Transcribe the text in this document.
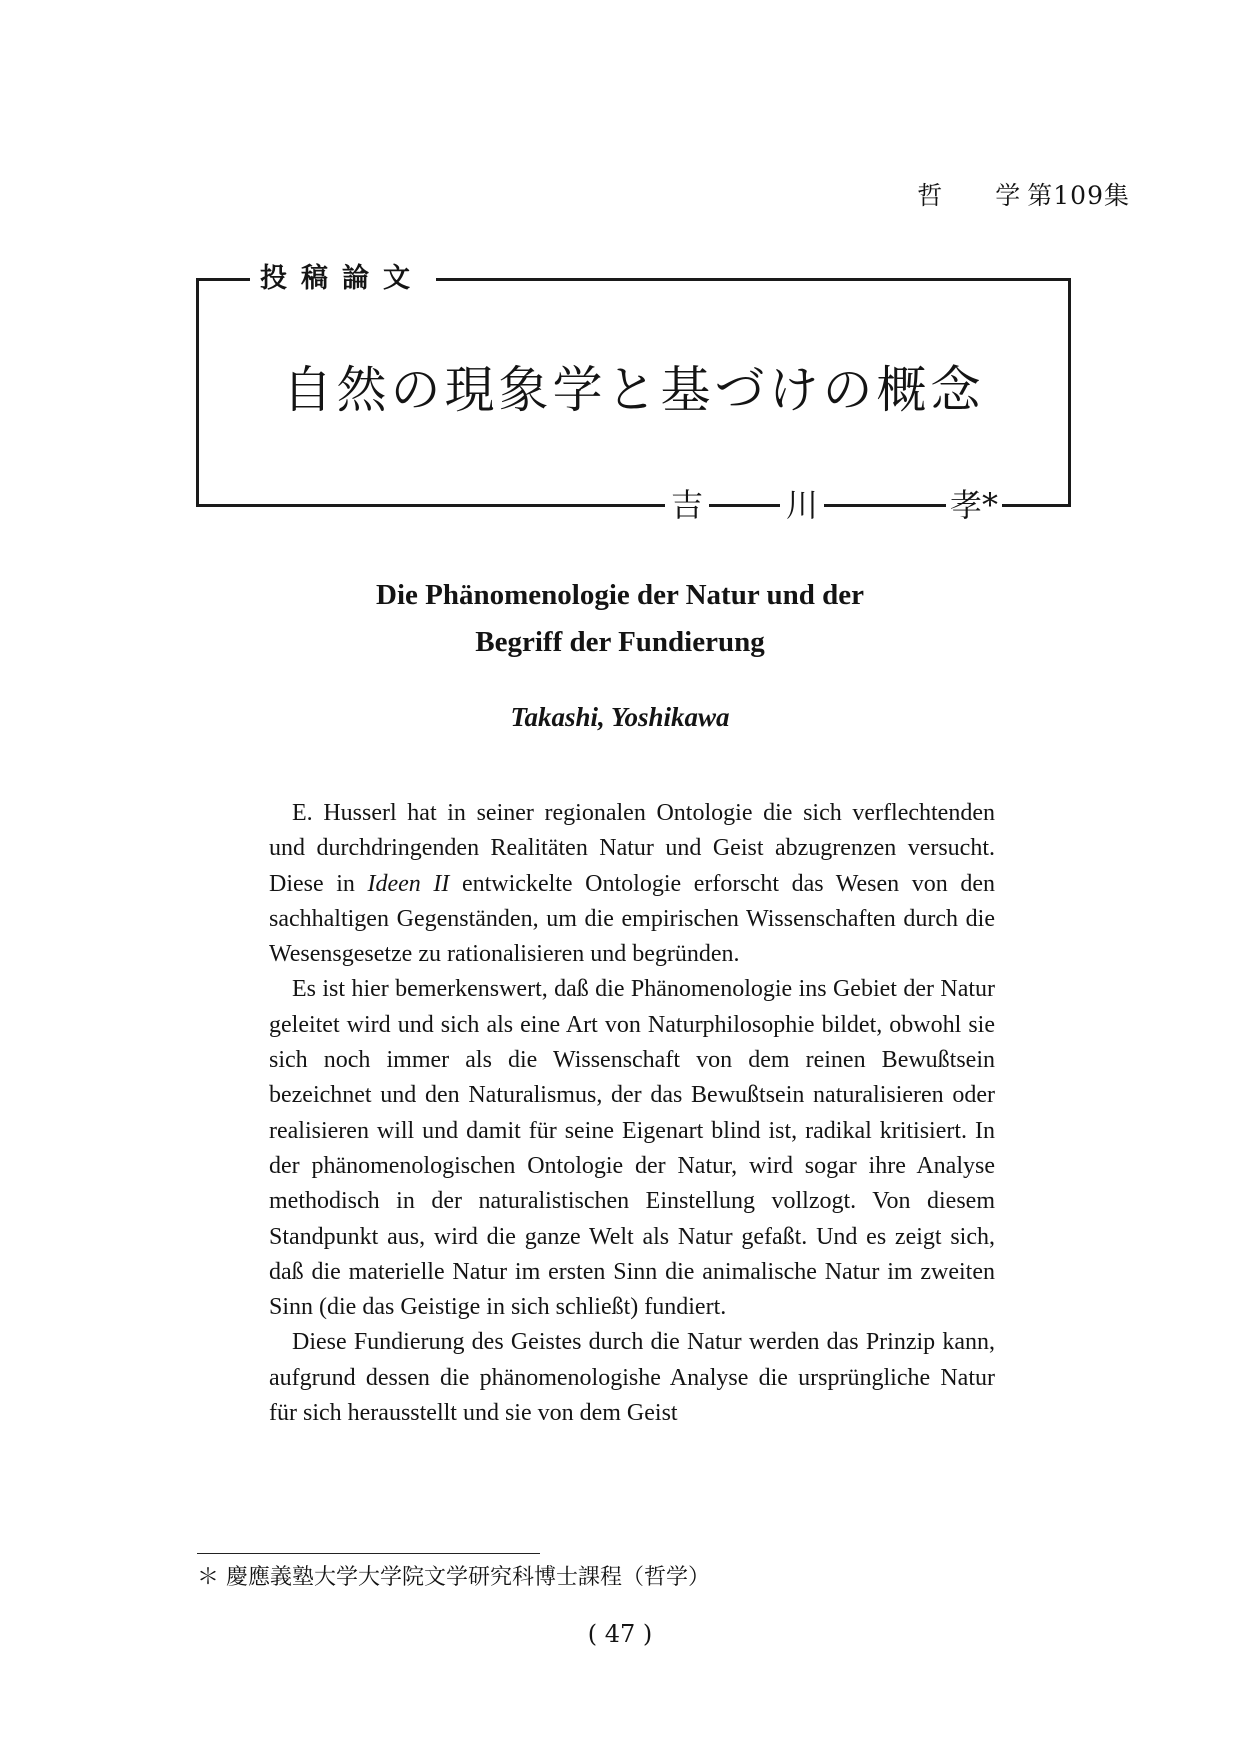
哲 学 第109集
投稿論文
自然の現象学と基づけの概念
吉	川	孝*
Die Phänomenologie der Natur und der
Begriff der Fundierung
Takashi, Yoshikawa

E. Husserl hat in seiner regionalen Ontologie die sich verflechtenden und durchdringenden Realitäten Natur und Geist abzugrenzen versucht. Diese in Ideen II entwickelte Ontologie erforscht das Wesen von den sachhaltigen Gegenständen, um die empirischen Wissenschaften durch die Wesensgesetze zu rationalisieren und begründen.

Es ist hier bemerkenswert, daß die Phänomenologie ins Gebiet der Natur geleitet wird und sich als eine Art von Naturphilosophie bildet, obwohl sie sich noch immer als die Wissenschaft von dem reinen Bewußtsein bezeichnet und den Naturalismus, der das Bewußtsein naturalisieren oder realisieren will und damit für seine Eigenart blind ist, radikal kritisiert. In der phänomenologischen Ontologie der Natur, wird sogar ihre Analyse methodisch in der naturalistischen Einstellung vollzogt. Von diesem Standpunkt aus, wird die ganze Welt als Natur gefaßt. Und es zeigt sich, daß die materielle Natur im ersten Sinn die animalische Natur im zweiten Sinn (die das Geistige in sich schließt) fundiert.

Diese Fundierung des Geistes durch die Natur werden das Prinzip kann, aufgrund dessen die phänomenologishe Analyse die ursprüngliche Natur für sich herausstellt und sie von dem Geist

＊ 慶應義塾大学大学院文学研究科博士課程（哲学）
( 47 )
